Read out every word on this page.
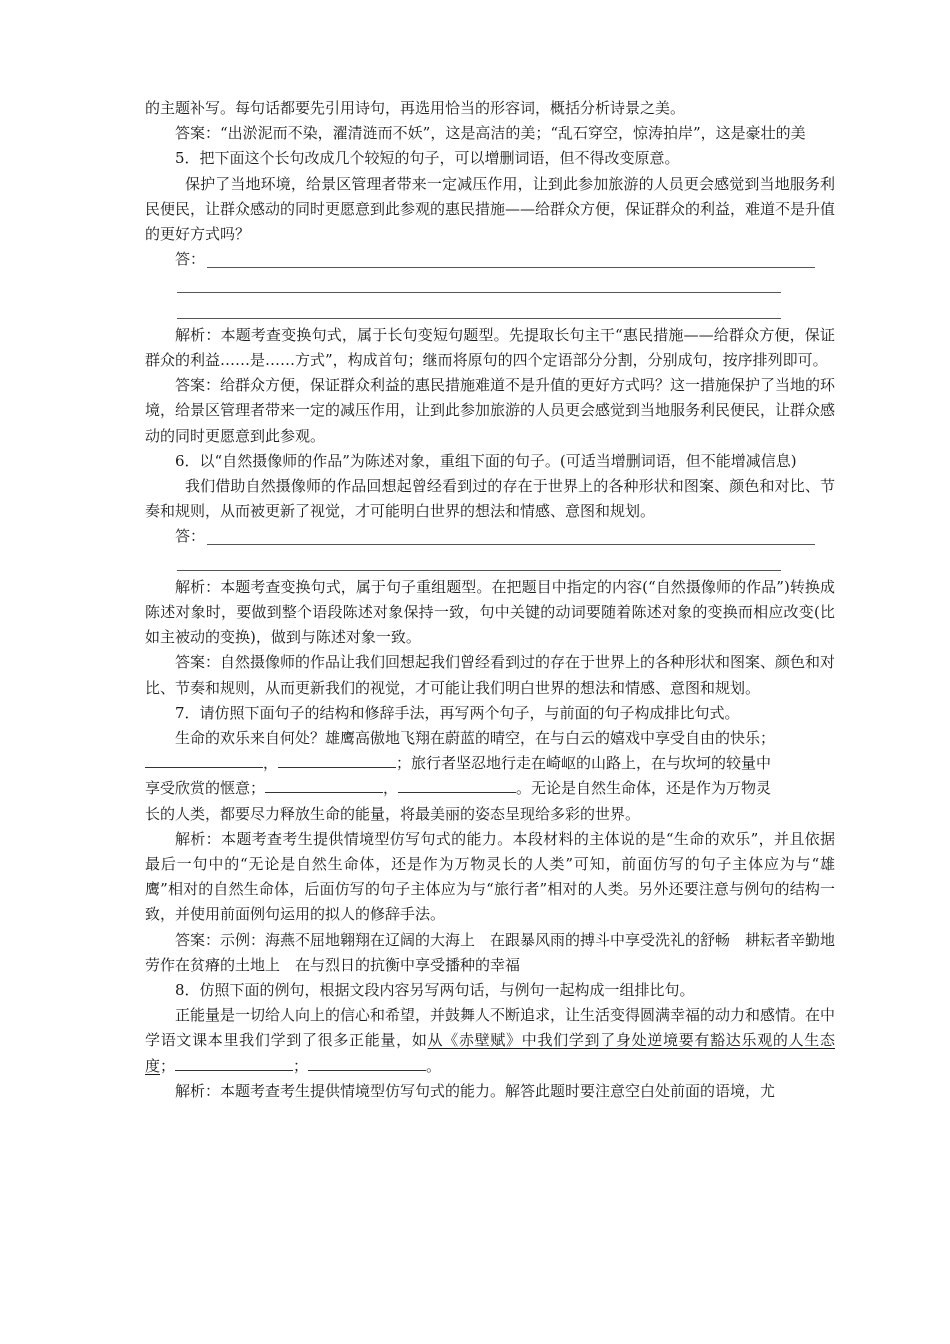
的主题补写。每句话都要先引用诗句，再选用恰当的形容词，概括分析诗景之美。

答案：“出淤泥而不染，濯清涟而不妖”，这是高洁的美；“乱石穿空，惊涛拍岸”，这是豪壮的美

5．把下面这个长句改成几个较短的句子，可以增删词语，但不得改变原意。

保护了当地环境，给景区管理者带来一定减压作用，让到此参加旅游的人员更会感觉到当地服务利民便民，让群众感动的同时更愿意到此参观的惠民措施——给群众方便，保证群众的利益，难道不是升值的更好方式吗？

答：

解析：本题考查变换句式，属于长句变短句题型。先提取长句主干“惠民措施——给群众方便，保证群众的利益……是……方式”，构成首句；继而将原句的四个定语部分分割，分别成句，按序排列即可。

答案：给群众方便，保证群众利益的惠民措施难道不是升值的更好方式吗？这一措施保护了当地的环境，给景区管理者带来一定的减压作用，让到此参加旅游的人员更会感觉到当地服务利民便民，让群众感动的同时更愿意到此参观。

6．以“自然摄像师的作品”为陈述对象，重组下面的句子。(可适当增删词语，但不能增减信息)

我们借助自然摄像师的作品回想起曾经看到过的存在于世界上的各种形状和图案、颜色和对比、节奏和规则，从而被更新了视觉，才可能明白世界的想法和情感、意图和规划。

答：

解析：本题考查变换句式，属于句子重组题型。在把题目中指定的内容(“自然摄像师的作品”)转换成陈述对象时，要做到整个语段陈述对象保持一致，句中关键的动词要随着陈述对象的变换而相应改变(比如主被动的变换)，做到与陈述对象一致。

答案：自然摄像师的作品让我们回想起我们曾经看到过的存在于世界上的各种形状和图案、颜色和对比、节奏和规则，从而更新我们的视觉，才可能让我们明白世界的想法和情感、意图和规划。

7．请仿照下面句子的结构和修辞手法，再写两个句子，与前面的句子构成排比句式。

生命的欢乐来自何处？雄鹰高傲地飞翔在蔚蓝的晴空，在与白云的嬉戏中享受自由的快乐；

，	；旅行者坚忍地行走在崎岖的山路上，在与坎坷的较量中

享受欣赏的惬意；	，	。无论是自然生命体，还是作为万物灵

长的人类，都要尽力释放生命的能量，将最美丽的姿态呈现给多彩的世界。

解析：本题考查考生提供情境型仿写句式的能力。本段材料的主体说的是“生命的欢乐”，并且依据最后一句中的“无论是自然生命体，还是作为万物灵长的人类”可知，前面仿写的句子主体应为与“雄鹰”相对的自然生命体，后面仿写的句子主体应为与“旅行者”相对的人类。另外还要注意与例句的结构一致，并使用前面例句运用的拟人的修辞手法。

答案：示例：海燕不屈地翱翔在辽阔的大海上　在跟暴风雨的搏斗中享受洗礼的舒畅　耕耘者辛勤地劳作在贫瘠的土地上　在与烈日的抗衡中享受播种的幸福

8．仿照下面的例句，根据文段内容另写两句话，与例句一起构成一组排比句。

正能量是一切给人向上的信心和希望，并鼓舞人不断追求，让生活变得圆满幸福的动力和感情。在中学语文课本里我们学到了很多正能量，如从《赤壁赋》中我们学到了身处逆境要有豁达乐观的人生态度；	；	。

解析：本题考查考生提供情境型仿写句式的能力。解答此题时要注意空白处前面的语境，尤
